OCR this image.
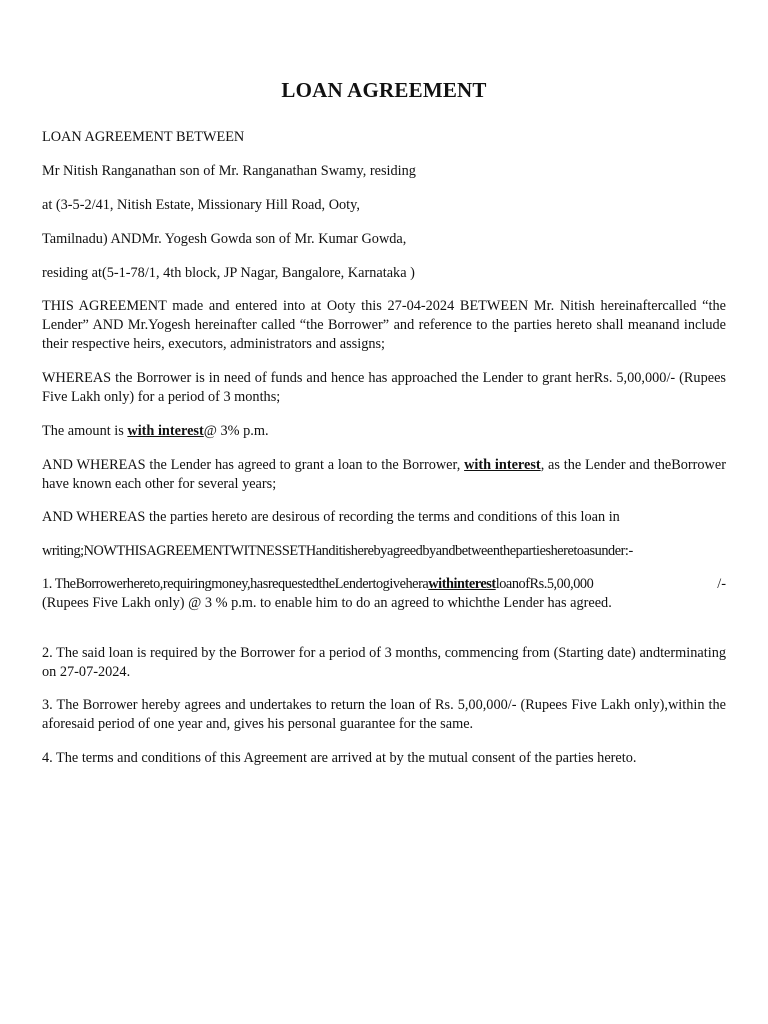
LOAN AGREEMENT

LOAN AGREEMENT BETWEEN

Mr Nitish Ranganathan son of Mr. Ranganathan Swamy, residing

at (3-5-2/41, Nitish Estate, Missionary Hill Road, Ooty,

Tamilnadu) ANDMr. Yogesh Gowda son of Mr. Kumar Gowda,

residing at(5-1-78/1, 4th block, JP Nagar, Bangalore, Karnataka )

THIS AGREEMENT made and entered into at Ooty this 27-04-2024 BETWEEN Mr. Nitish hereinaftercalled “the Lender” AND Mr.Yogesh hereinafter called “the Borrower” and reference to the parties hereto shall meanand include their respective heirs, executors, administrators and assigns;

WHEREAS the Borrower is in need of funds and hence has approached the Lender to grant herRs. 5,00,000/- (Rupees Five Lakh only) for a period of 3 months;

The amount is with interest@ 3% p.m.

AND WHEREAS the Lender has agreed to grant a loan to the Borrower, with interest, as the Lender and theBorrower have known each other for several years;

AND WHEREAS the parties hereto are desirous of recording the terms and conditions of this loan in

writing;NOWTHISAGREEMENTWITNESSETHanditisherebyagreedbyandbetweenthepartiesheretoasunder:-

1. TheBorrowerhereto,requiringmoney,hasrequestedtheLendertogiveherawithinterestloanofRs.5,00,000	/-
(Rupees Five Lakh only) @ 3 % p.m. to enable him to do an agreed to whichthe Lender has agreed.

2. The said loan is required by the Borrower for a period of 3 months, commencing from (Starting date) andterminating on 27-07-2024.

3. The Borrower hereby agrees and undertakes to return the loan of Rs. 5,00,000/- (Rupees Five Lakh only),within the aforesaid period of one year and, gives his personal guarantee for the same.

4. The terms and conditions of this Agreement are arrived at by the mutual consent of the parties hereto.
